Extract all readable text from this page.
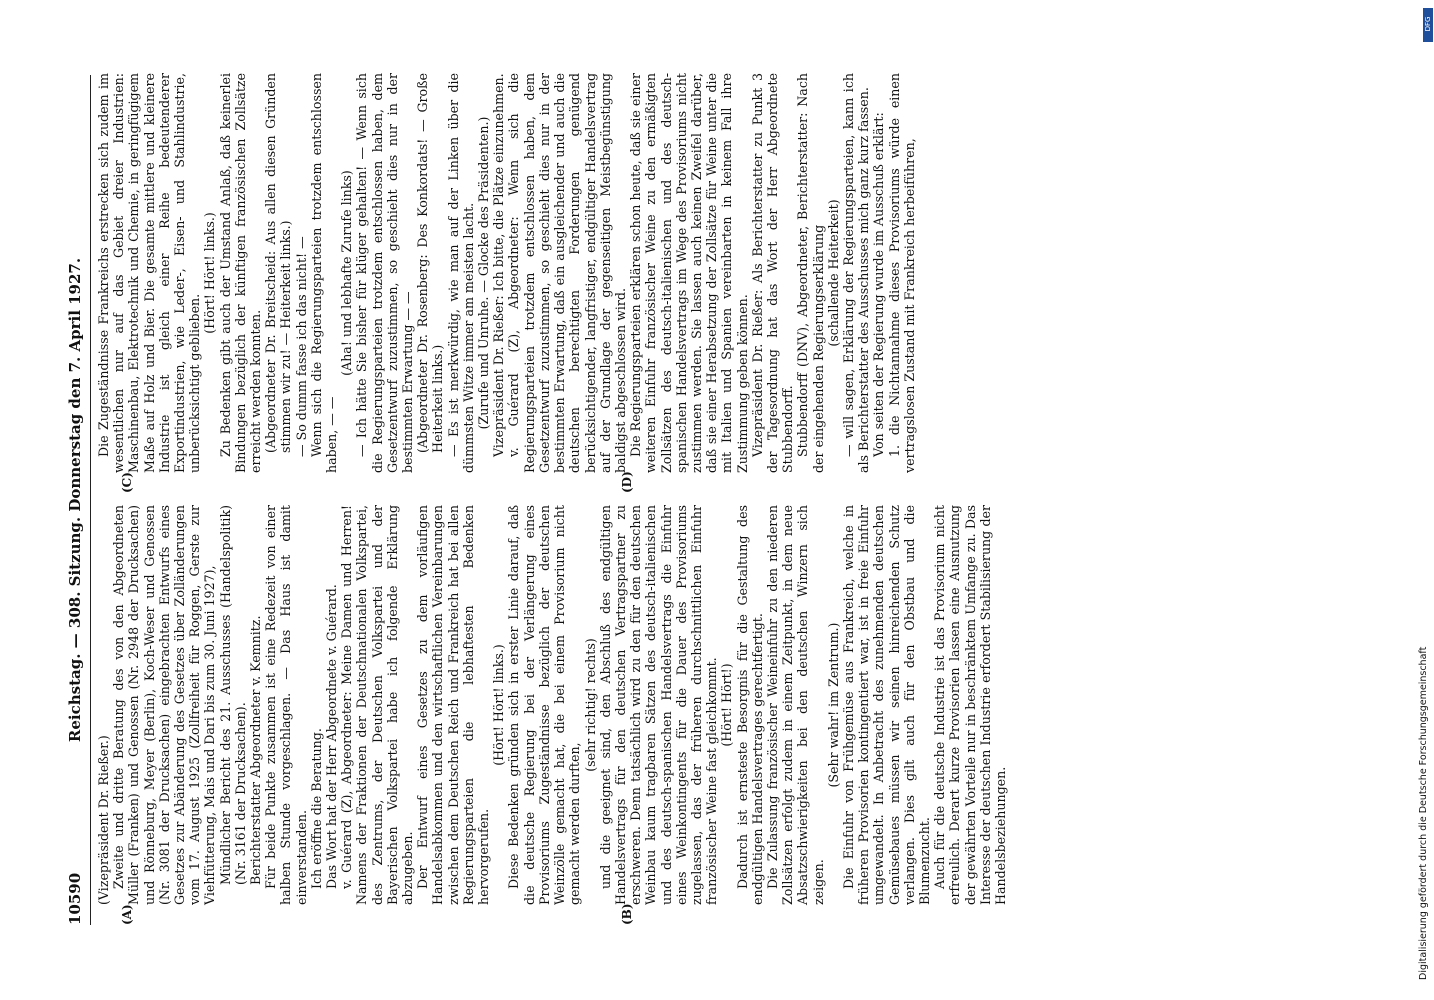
10590
Reichstag. — 308. Sitzung. Donnerstag den 7. April 1927.
(A)	(B)
(C)	(D)

(Vizepräsident Dr. Rießer.) Zweite und dritte Beratung des von den Abgeordneten Müller (Franken) und Genossen (Nr. 2948 der Drucksachen) und Rönneburg, Meyer (Berlin), Koch-Weser und Genossen (Nr. 3081 der Drucksachen) eingebrachten Entwurfs eines Gesetzes zur Abänderung des Gesetzes über Zolländerungen vom 17. August 1925 (Zollfreiheit für Roggen, Gerste zur Viehfütterung, Mais und Dari bis zum 30. Juni 1927), Mündlicher Bericht des 21. Ausschusses (Handelspolitik) (Nr. 3161 der Drucksachen). Berichterstatter Abgeordneter v. Kemnitz. Für beide Punkte zusammen ist eine Redezeit von einer halben Stunde vorgeschlagen. — Das Haus ist damit einverstanden. Ich eröffne die Beratung. Das Wort hat der Herr Abgeordnete v. Guérard. v. Guérard (Z), Abgeordneter: Meine Damen und Herren! Namens der Fraktionen der Deutschnationalen Volkspartei, des Zentrums, der Deutschen Volkspartei und der Bayerischen Volkspartei habe ich folgende Erklärung abzugeben. Der Entwurf eines Gesetzes zu dem vorläufigen Handelsabkommen und den wirtschaftlichen Vereinbarungen zwischen dem Deutschen Reich und Frankreich hat bei allen Regierungsparteien die lebhaftesten Bedenken hervorgerufen.

(Hört! Hört! links.) Diese Bedenken gründen sich in erster Linie darauf, daß die deutsche Regierung bei der Verlängerung eines Provisoriums Zugeständnisse bezüglich der deutschen Weinzölle gemacht hat, die bei einem Provisorium nicht gemacht werden durften,

(sehr richtig! rechts) und die geeignet sind, den Abschluß des endgültigen Handelsvertrags für den deutschen Vertragspartner zu erschweren. Denn tatsächlich wird zu den für den deutschen Weinbau kaum tragbaren Sätzen des deutsch-italienischen und des deutsch-spanischen Handelsvertrags die Einfuhr eines Weinkontingents für die Dauer des Provisoriums zugelassen, das der früheren durchschnittlichen Einfuhr französischer Weine fast gleichkommt. (Hört! Hört!) Dadurch ist ernsteste Besorgnis für die Gestaltung des endgültigen Handelsvertrages gerechtfertigt. Die Zulassung französischer Weineinfuhr zu den niederen Zollsätzen erfolgt zudem in einem Zeitpunkt, in dem neue Absatzschwierigkeiten bei den deutschen Winzern sich zeigen.

(Sehr wahr! im Zentrum.) Die Einfuhr von Frühgemüse aus Frankreich, welche in früheren Provisorien kontingentiert war, ist in freie Einfuhr umgewandelt. In Anbetracht des zunehmenden deutschen Gemüsebaues müssen wir seinen hinreichenden Schutz verlangen. Dies gilt auch für den Obstbau und die Blumenzucht. Auch für die deutsche Industrie ist das Provisorium nicht erfreulich. Derart kurze Provisorien lassen eine Ausnutzung der gewährten Vorteile nur in beschränktem Umfange zu. Das Interesse der deutschen Industrie erfordert Stabilisierung der Handelsbeziehungen.

Die Zugeständnisse Frankreichs erstrecken sich zudem im wesentlichen nur auf das Gebiet dreier Industrien: Maschinenbau, Elektrotechnik und Chemie, in geringfügigem Maße auf Holz und Bier. Die gesamte mittlere und kleinere Industrie ist gleich einer Reihe bedeutenderer Exportindustrien, wie Leder-, Eisen- und Stahlindustrie, unberücksichtigt geblieben.

(Hört! Hört! links.) Zu Bedenken gibt auch der Umstand Anlaß, daß keinerlei Bindungen bezüglich der künftigen französischen Zollsätze erreicht werden konnten. (Abgeordneter Dr. Breitscheid: Aus allen diesen Gründen stimmen wir zu! — Heiterkeit links.) — So dumm fasse ich das nicht! — Wenn sich die Regierungsparteien trotzdem entschlossen haben, — —

(Aha! und lebhafte Zurufe links) — Ich hätte Sie bisher für klüger gehalten! — Wenn sich die Regierungsparteien trotzdem entschlossen haben, dem Gesetzentwurf zuzustimmen, so geschieht dies nur in der bestimmten Erwartung — — (Abgeordneter Dr. Rosenberg: Des Konkordats! — Große Heiterkeit links.) — Es ist merkwürdig, wie man auf der Linken über die dümmsten Witze immer am meisten lacht. (Zurufe und Unruhe. — Glocke des Präsidenten.) Vizepräsident Dr. Rießer: Ich bitte, die Plätze einzunehmen. v. Guérard (Z), Abgeordneter: Wenn sich die Regierungsparteien trotzdem entschlossen haben, dem Gesetzentwurf zuzustimmen, so geschieht dies nur in der bestimmten Erwartung, daß ein ausgleichender und auch die deutschen berechtigten Forderungen genügend berücksichtigender, langfristiger, endgültiger Handelsvertrag auf der Grundlage der gegenseitigen Meistbegünstigung baldigst abgeschlossen wird. Die Regierungsparteien erklären schon heute, daß sie einer weiteren Einfuhr französischer Weine zu den ermäßigten Zollsätzen des deutsch-italienischen und des deutsch-spanischen Handelsvertrags im Wege des Provisoriums nicht zustimmen werden. Sie lassen auch keinen Zweifel darüber, daß sie einer Herabsetzung der Zollsätze für Weine unter die mit Italien und Spanien vereinbarten in keinem Fall ihre Zustimmung geben können. Vizepräsident Dr. Rießer: Als Berichterstatter zu Punkt 3 der Tagesordnung hat das Wort der Herr Abgeordnete Stubbendorff. Stubbendorff (DNV), Abgeordneter, Berichterstatter: Nach der eingehenden Regierungserklärung (schallende Heiterkeit) — will sagen, Erklärung der Regierungsparteien, kann ich als Berichterstatter des Ausschusses mich ganz kurz fassen. Von seiten der Regierung wurde im Ausschuß erklärt: 1. die Nichtannahme dieses Provisoriums würde einen vertragslosen Zustand mit Frankreich herbeiführen,

Digitalisierung gefördert durch die Deutsche Forschungsgemeinschaft
DFG
